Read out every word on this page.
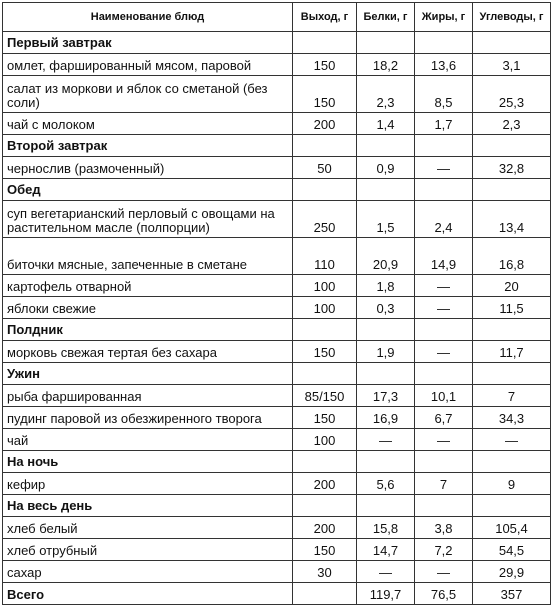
Наименование блюд	Выход, г	Белки, г	Жиры, г	Углеводы, г
Первый завтрак				
омлет, фаршированный мясом, паровой	150	18,2	13,6	3,1
салат из моркови и яблок со сметаной (без соли)	150	2,3	8,5	25,3
чай с молоком	200	1,4	1,7	2,3
Второй завтрак				
чернослив (размоченный)	50	0,9	—	32,8
Обед				
суп вегетарианский перловый с овощами на растительном масле (полпорции)	250	1,5	2,4	13,4
биточки мясные, запеченные в сметане	110	20,9	14,9	16,8
картофель отварной	100	1,8	—	20
яблоки свежие	100	0,3	—	11,5
Полдник				
морковь свежая тертая без сахара	150	1,9	—	11,7
Ужин				
рыба фаршированная	85/150	17,3	10,1	7
пудинг паровой из обезжиренного творога	150	16,9	6,7	34,3
чай	100	—	—	—
На ночь				
кефир	200	5,6	7	9
На весь день				
хлеб белый	200	15,8	3,8	105,4
хлеб отрубный	150	14,7	7,2	54,5
сахар	30	—	—	29,9
Всего		119,7	76,5	357
